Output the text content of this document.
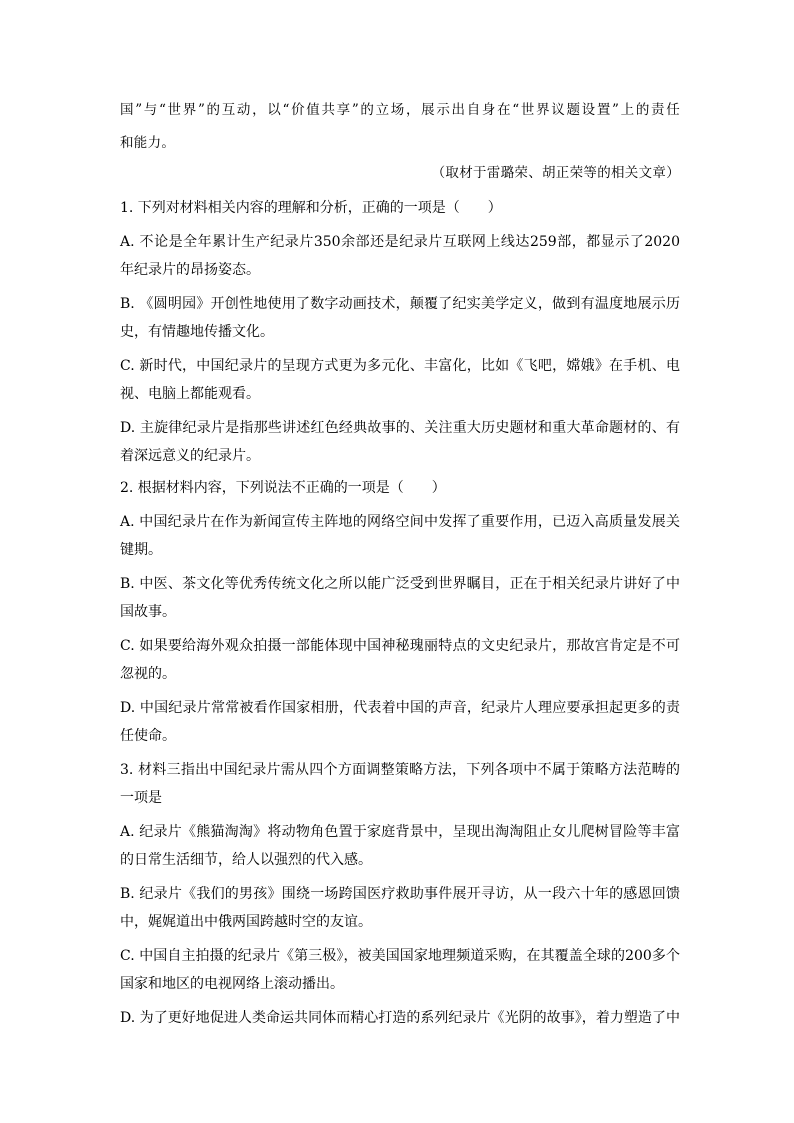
国”与“世界”的互动，以“价值共享”的立场，展示出自身在“世界议题设置”上的责任
和能力。
（取材于雷璐荣、胡正荣等的相关文章）
1. 下列对材料相关内容的理解和分析，正确的一项是（　　）
A. 不论是全年累计生产纪录片350余部还是纪录片互联网上线达259部，都显示了2020
年纪录片的昂扬姿态。
B. 《圆明园》开创性地使用了数字动画技术，颠覆了纪实美学定义，做到有温度地展示历
史，有情趣地传播文化。
C. 新时代，中国纪录片的呈现方式更为多元化、丰富化，比如《飞吧，嫦娥》在手机、电
视、电脑上都能观看。
D. 主旋律纪录片是指那些讲述红色经典故事的、关注重大历史题材和重大革命题材的、有
着深远意义的纪录片。
2. 根据材料内容，下列说法不正确的一项是（　　）
A. 中国纪录片在作为新闻宣传主阵地的网络空间中发挥了重要作用，已迈入高质量发展关
键期。
B. 中医、茶文化等优秀传统文化之所以能广泛受到世界瞩目，正在于相关纪录片讲好了中
国故事。
C. 如果要给海外观众拍摄一部能体现中国神秘瑰丽特点的文史纪录片，那故宫肯定是不可
忽视的。
D. 中国纪录片常常被看作国家相册，代表着中国的声音，纪录片人理应要承担起更多的责
任使命。
3. 材料三指出中国纪录片需从四个方面调整策略方法，下列各项中不属于策略方法范畴的
一项是
A. 纪录片《熊猫淘淘》将动物角色置于家庭背景中，呈现出淘淘阻止女儿爬树冒险等丰富
的日常生活细节，给人以强烈的代入感。
B. 纪录片《我们的男孩》围绕一场跨国医疗救助事件展开寻访，从一段六十年的感恩回馈
中，娓娓道出中俄两国跨越时空的友谊。
C. 中国自主拍摄的纪录片《第三极》，被美国国家地理频道采购，在其覆盖全球的200多个
国家和地区的电视网络上滚动播出。
D. 为了更好地促进人类命运共同体而精心打造的系列纪录片《光阴的故事》，着力塑造了中
